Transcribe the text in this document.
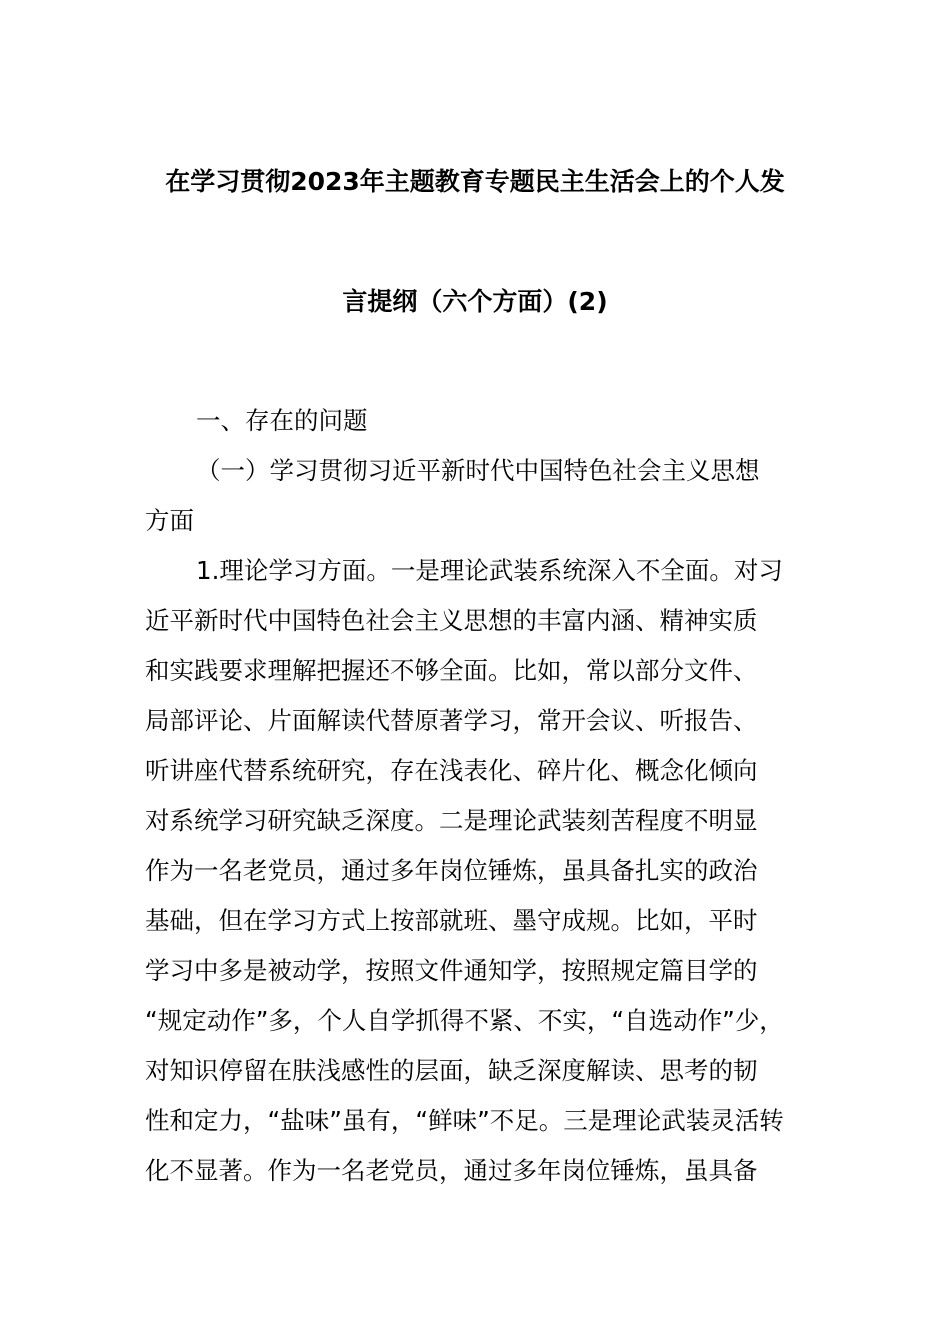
在学习贯彻2023年主题教育专题民主生活会上的个人发
言提纲（六个方面）(2)
一、存在的问题
（一）学习贯彻习近平新时代中国特色社会主义思想
方面
1.理论学习方面。一是理论武装系统深入不全面。对习
近平新时代中国特色社会主义思想的丰富内涵、精神实质
和实践要求理解把握还不够全面。比如，常以部分文件、
局部评论、片面解读代替原著学习，常开会议、听报告、
听讲座代替系统研究，存在浅表化、碎片化、概念化倾向
对系统学习研究缺乏深度。二是理论武装刻苦程度不明显
作为一名老党员，通过多年岗位锤炼，虽具备扎实的政治
基础，但在学习方式上按部就班、墨守成规。比如，平时
学习中多是被动学，按照文件通知学，按照规定篇目学的
“规定动作”多，个人自学抓得不紧、不实，“自选动作”少，
对知识停留在肤浅感性的层面，缺乏深度解读、思考的韧
性和定力，“盐味”虽有，“鲜味”不足。三是理论武装灵活转
化不显著。作为一名老党员，通过多年岗位锤炼，虽具备
